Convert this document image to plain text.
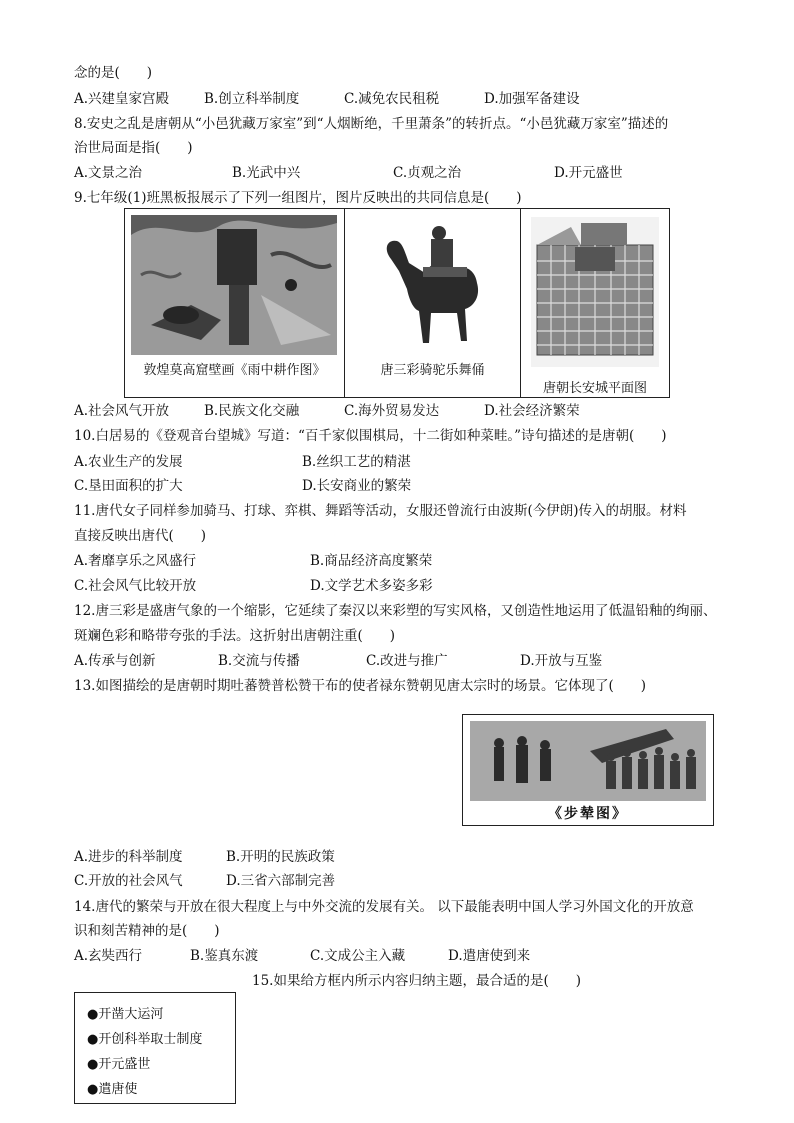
念的是(　　)
A.兴建皇家宫殿	B.创立科举制度	C.减免农民租税	D.加强军备建设
8.安史之乱是唐朝从“小邑犹藏万家室”到“人烟断绝，千里萧条”的转折点。“小邑犹藏万家室”描述的
治世局面是指(　　)
A.文景之治	B.光武中兴	C.贞观之治	D.开元盛世
9.七年级(1)班黑板报展示了下列一组图片，图片反映出的共同信息是(　　)
敦煌莫高窟壁画《雨中耕作图》	唐三彩骑驼乐舞俑
唐朝长安城平面图
A.社会风气开放	B.民族文化交融	C.海外贸易发达	D.社会经济繁荣
10.白居易的《登观音台望城》写道：“百千家似围棋局，十二街如种菜畦。”诗句描述的是唐朝(　　)
A.农业生产的发展	B.丝织工艺的精湛
C.垦田面积的扩大	D.长安商业的繁荣
11.唐代女子同样参加骑马、打球、弈棋、舞蹈等活动，女服还曾流行由波斯(今伊朗)传入的胡服。材料
直接反映出唐代(　　)
A.奢靡享乐之风盛行	B.商品经济高度繁荣
C.社会风气比较开放	D.文学艺术多姿多彩
12.唐三彩是盛唐气象的一个缩影，它延续了秦汉以来彩塑的写实风格，又创造性地运用了低温铅釉的绚丽、
斑斓色彩和略带夸张的手法。这折射出唐朝注重(　　)
A.传承与创新	B.交流与传播	C.改进与推广	D.开放与互鉴
13.如图描绘的是唐朝时期吐蕃赞普松赞干布的使者禄东赞朝见唐太宗时的场景。它体现了(　　)
《步辇图》
A.进步的科举制度	B.开明的民族政策
C.开放的社会风气	D.三省六部制完善
14.唐代的繁荣与开放在很大程度上与中外交流的发展有关。 以下最能表明中国人学习外国文化的开放意
识和刻苦精神的是(　　)
A.玄奘西行	B.鉴真东渡	C.文成公主入藏	D.遣唐使到来
15.如果给方框内所示内容归纳主题，最合适的是(　　)
●开凿大运河
●开创科举取士制度
●开元盛世
●遣唐使
